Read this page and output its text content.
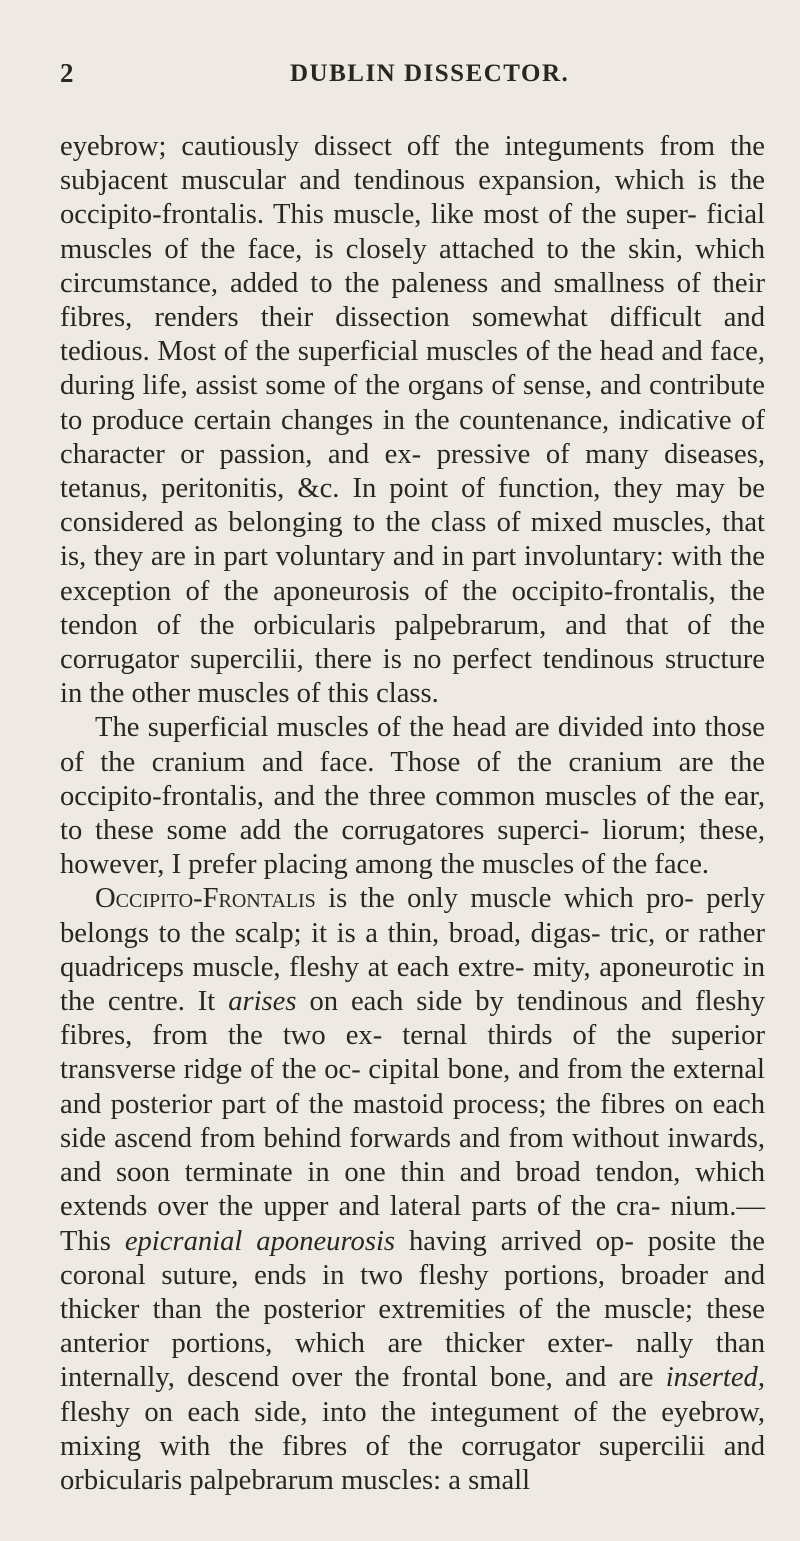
2	DUBLIN DISSECTOR.

eyebrow; cautiously dissect off the integuments from the subjacent muscular and tendinous expansion, which is the occipito-frontalis. This muscle, like most of the super- ficial muscles of the face, is closely attached to the skin, which circumstance, added to the paleness and smallness of their fibres, renders their dissection somewhat difficult and tedious. Most of the superficial muscles of the head and face, during life, assist some of the organs of sense, and contribute to produce certain changes in the countenance, indicative of character or passion, and ex- pressive of many diseases, tetanus, peritonitis, &c. In point of function, they may be considered as belonging to the class of mixed muscles, that is, they are in part voluntary and in part involuntary: with the exception of the aponeurosis of the occipito-frontalis, the tendon of the orbicularis palpebrarum, and that of the corrugator supercilii, there is no perfect tendinous structure in the other muscles of this class.

The superficial muscles of the head are divided into those of the cranium and face. Those of the cranium are the occipito-frontalis, and the three common muscles of the ear, to these some add the corrugatores superci- liorum; these, however, I prefer placing among the muscles of the face.

Occipito-Frontalis is the only muscle which pro- perly belongs to the scalp; it is a thin, broad, digas- tric, or rather quadriceps muscle, fleshy at each extre- mity, aponeurotic in the centre. It arises on each side by tendinous and fleshy fibres, from the two ex- ternal thirds of the superior transverse ridge of the oc- cipital bone, and from the external and posterior part of the mastoid process; the fibres on each side ascend from behind forwards and from without inwards, and soon terminate in one thin and broad tendon, which extends over the upper and lateral parts of the cra- nium.—This epicranial aponeurosis having arrived op- posite the coronal suture, ends in two fleshy portions, broader and thicker than the posterior extremities of the muscle; these anterior portions, which are thicker exter- nally than internally, descend over the frontal bone, and are inserted, fleshy on each side, into the integument of the eyebrow, mixing with the fibres of the corrugator supercilii and orbicularis palpebrarum muscles: a small
